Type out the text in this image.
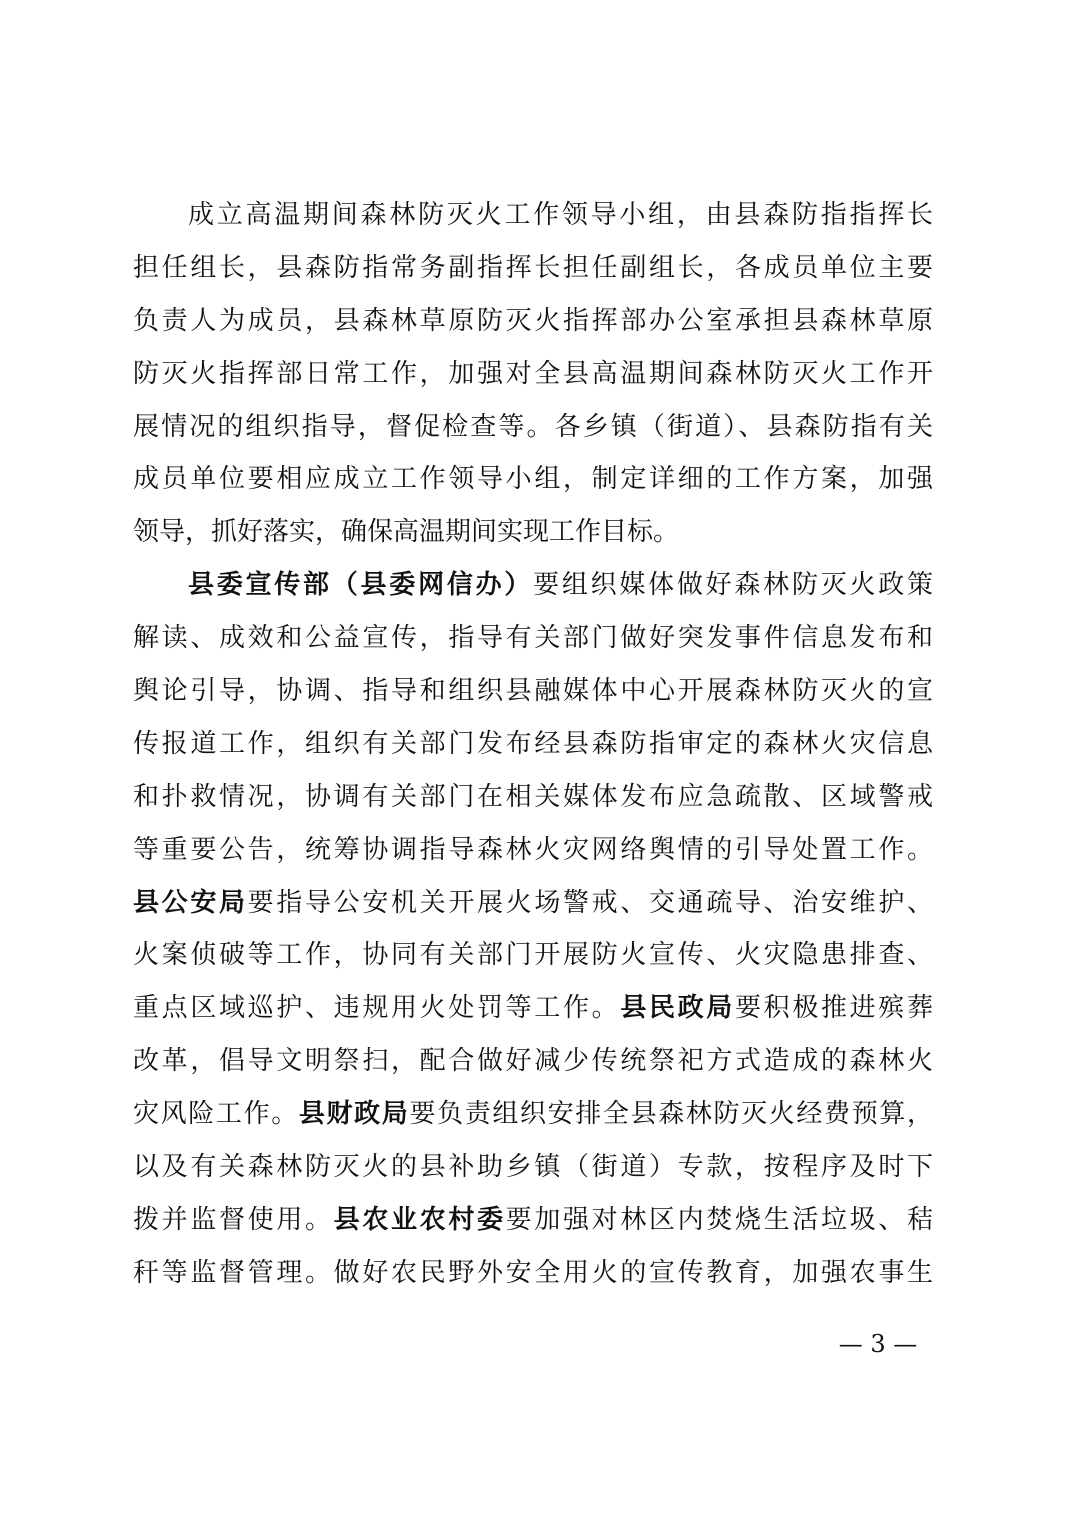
成立高温期间森林防灭火工作领导小组，由县森防指指挥长
担任组长，县森防指常务副指挥长担任副组长，各成员单位主要
负责人为成员，县森林草原防灭火指挥部办公室承担县森林草原
防灭火指挥部日常工作，加强对全县高温期间森林防灭火工作开
展情况的组织指导，督促检查等。各乡镇（街道）、县森防指有关
成员单位要相应成立工作领导小组，制定详细的工作方案，加强
领导，抓好落实，确保高温期间实现工作目标。
县委宣传部（县委网信办）要组织媒体做好森林防灭火政策
解读、成效和公益宣传，指导有关部门做好突发事件信息发布和
舆论引导，协调、指导和组织县融媒体中心开展森林防灭火的宣
传报道工作，组织有关部门发布经县森防指审定的森林火灾信息
和扑救情况，协调有关部门在相关媒体发布应急疏散、区域警戒
等重要公告，统筹协调指导森林火灾网络舆情的引导处置工作。
县公安局要指导公安机关开展火场警戒、交通疏导、治安维护、
火案侦破等工作，协同有关部门开展防火宣传、火灾隐患排查、
重点区域巡护、违规用火处罚等工作。县民政局要积极推进殡葬
改革，倡导文明祭扫，配合做好减少传统祭祀方式造成的森林火
灾风险工作。县财政局要负责组织安排全县森林防灭火经费预算，
以及有关森林防灭火的县补助乡镇（街道）专款，按程序及时下
拨并监督使用。县农业农村委要加强对林区内焚烧生活垃圾、秸
秆等监督管理。做好农民野外安全用火的宣传教育，加强农事生
— 3 —
